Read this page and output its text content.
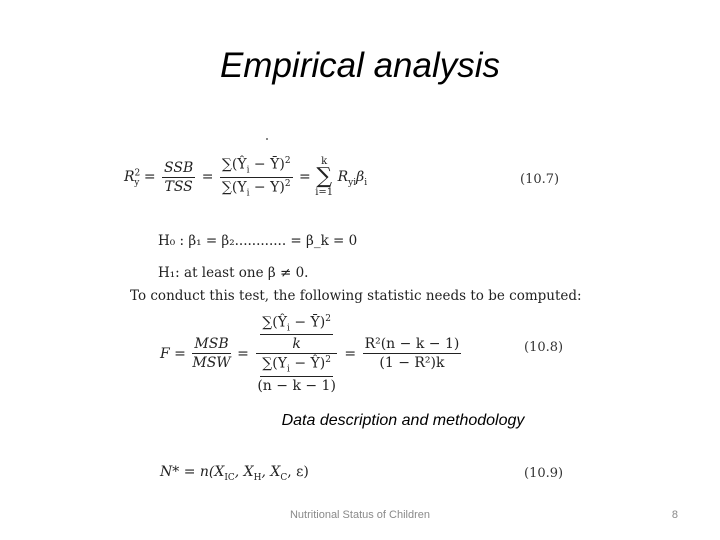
Empirical analysis
$R^2_y = \frac{\text{SSB}}{\text{TSS}} = \frac{\sum(Ŷ_i - Ȳ)^2}{\sum(Y_i - Y)^2}$ =
k
∑
i=1
$R_{yi}\beta_i$	(10.7)
H₀ : β₁ = β₂............ = β_k = 0
H₁: at least one β ≠ 0.
To conduct this test, the following statistic needs to be computed:
$F = \frac{\text{MSB}}{\text{MSW}} = \frac{\frac{\sum(Ŷ_i - Ȳ)^2}{k}}{\frac{\sum(Y_i - Ŷ)^2}{(n - k - 1)}} = \frac{\text{R²(n − k − 1)}}{\text{(1 − R²)k}}$	(10.8)
Data description and methodology
$N* = n(X_{IC}$, $X_H$, $X_C$, ε)	(10.9)
Nutritional Status of Children	8
